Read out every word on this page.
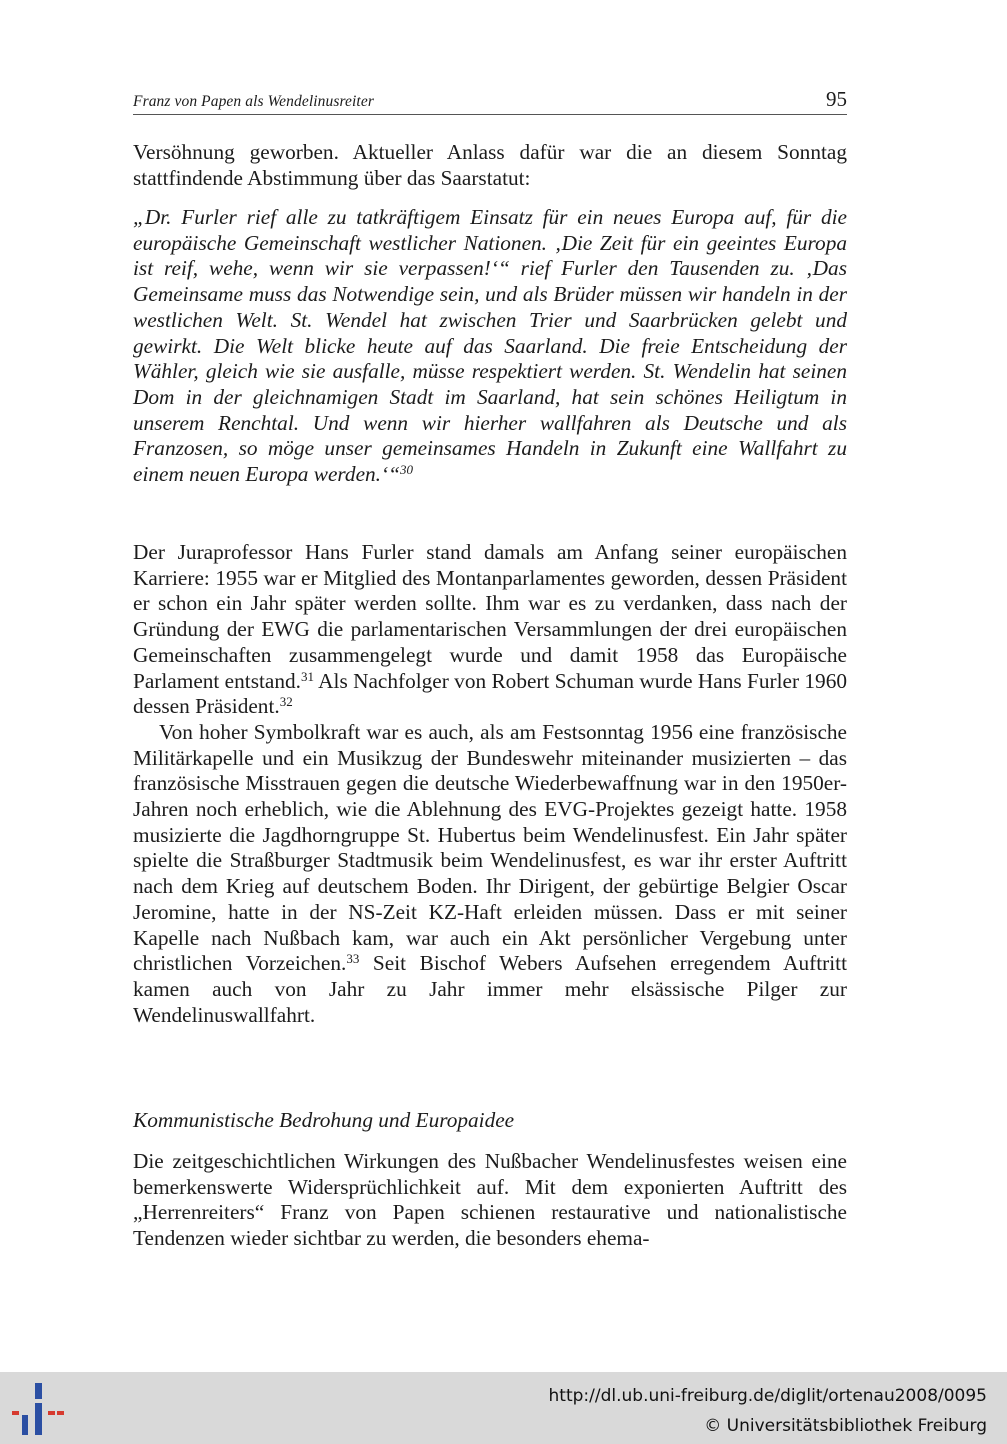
Franz von Papen als Wendelinusreiter	95

Versöhnung geworben. Aktueller Anlass dafür war die an diesem Sonntag stattfindende Abstimmung über das Saarstatut:

„Dr. Furler rief alle zu tatkräftigem Einsatz für ein neues Europa auf, für die europäische Gemeinschaft westlicher Nationen. ‚Die Zeit für ein geeintes Europa ist reif, wehe, wenn wir sie verpassen!‘“ rief Furler den Tausenden zu. ‚Das Gemeinsame muss das Notwendige sein, und als Brüder müssen wir handeln in der westlichen Welt. St. Wendel hat zwischen Trier und Saarbrücken gelebt und gewirkt. Die Welt blicke heute auf das Saarland. Die freie Entscheidung der Wähler, gleich wie sie ausfalle, müsse respektiert werden. St. Wendelin hat seinen Dom in der gleichnamigen Stadt im Saarland, hat sein schönes Heiligtum in unserem Renchtal. Und wenn wir hierher wallfahren als Deutsche und als Franzosen, so möge unser gemeinsames Handeln in Zukunft eine Wallfahrt zu einem neuen Europa werden.‘“$^{30}$

Der Juraprofessor Hans Furler stand damals am Anfang seiner europäischen Karriere: 1955 war er Mitglied des Montanparlamentes geworden, dessen Präsident er schon ein Jahr später werden sollte. Ihm war es zu verdanken, dass nach der Gründung der EWG die parlamentarischen Versammlungen der drei europäischen Gemeinschaften zusammengelegt wurde und damit 1958 das Europäische Parlament entstand.$^{31}$ Als Nachfolger von Robert Schuman wurde Hans Furler 1960 dessen Präsident.$^{32}$

Von hoher Symbolkraft war es auch, als am Festsonntag 1956 eine französische Militärkapelle und ein Musikzug der Bundeswehr miteinander musizierten – das französische Misstrauen gegen die deutsche Wiederbewaffnung war in den 1950er-Jahren noch erheblich, wie die Ablehnung des EVG-Projektes gezeigt hatte. 1958 musizierte die Jagdhorngruppe St. Hubertus beim Wendelinusfest. Ein Jahr später spielte die Straßburger Stadtmusik beim Wendelinusfest, es war ihr erster Auftritt nach dem Krieg auf deutschem Boden. Ihr Dirigent, der gebürtige Belgier Oscar Jeromine, hatte in der NS-Zeit KZ-Haft erleiden müssen. Dass er mit seiner Kapelle nach Nußbach kam, war auch ein Akt persönlicher Vergebung unter christlichen Vorzeichen.$^{33}$ Seit Bischof Webers Aufsehen erregendem Auftritt kamen auch von Jahr zu Jahr immer mehr elsässische Pilger zur Wendelinuswallfahrt.

Kommunistische Bedrohung und Europaidee

Die zeitgeschichtlichen Wirkungen des Nußbacher Wendelinusfestes weisen eine bemerkenswerte Widersprüchlichkeit auf. Mit dem exponierten Auftritt des „Herrenreiters“ Franz von Papen schienen restaurative und nationalistische Tendenzen wieder sichtbar zu werden, die besonders ehema-

http://dl.ub.uni-freiburg.de/diglit/ortenau2008/0095
© Universitätsbibliothek Freiburg
